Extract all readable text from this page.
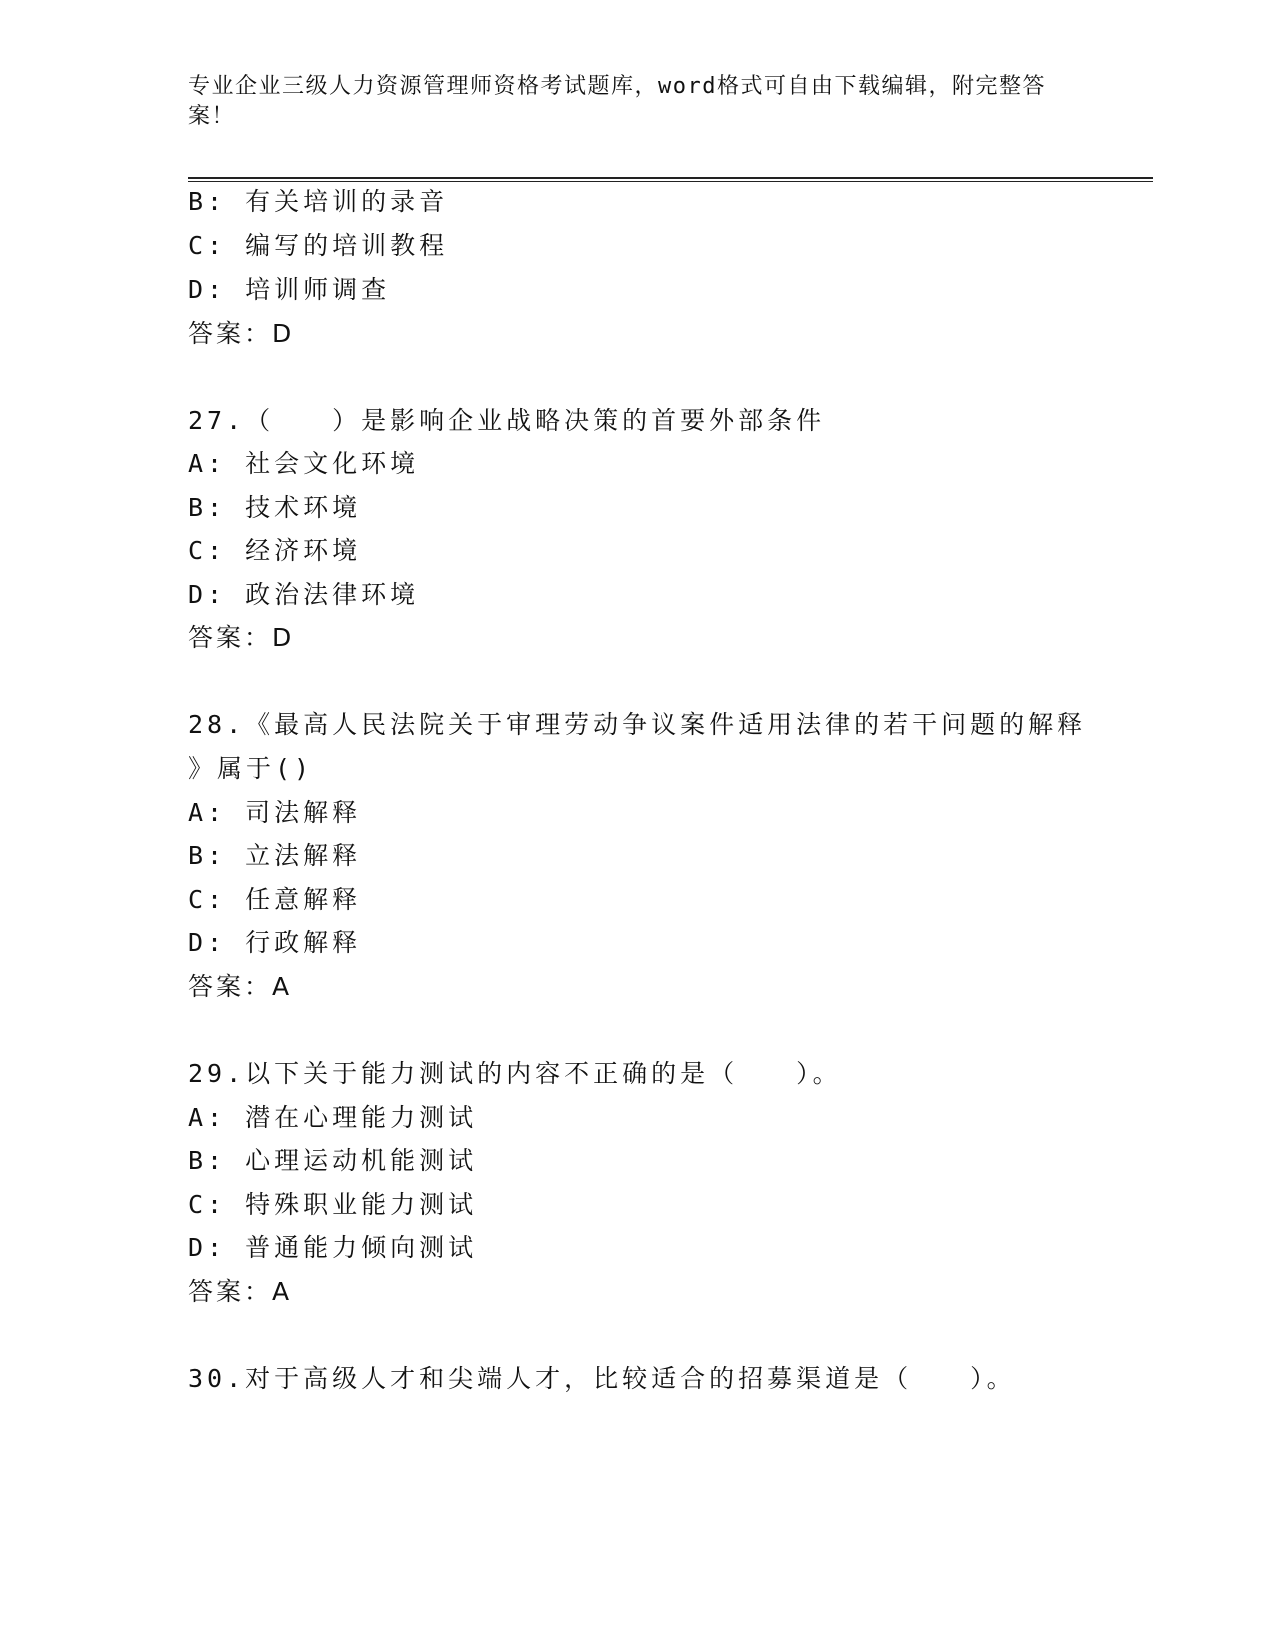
专业企业三级人力资源管理师资格考试题库，word格式可自由下载编辑，附完整答案！
B: 有关培训的录音
C: 编写的培训教程
D: 培训师调查
答案：D
27.（　　）是影响企业战略决策的首要外部条件
A: 社会文化环境
B: 技术环境
C: 经济环境
D: 政治法律环境
答案：D
28.《最高人民法院关于审理劳动争议案件适用法律的若干问题的解释
》属于()
A: 司法解释
B: 立法解释
C: 任意解释
D: 行政解释
答案：A
29.以下关于能力测试的内容不正确的是（　　）。
A: 潜在心理能力测试
B: 心理运动机能测试
C: 特殊职业能力测试
D: 普通能力倾向测试
答案：A
30.对于高级人才和尖端人才，比较适合的招募渠道是（　　）。
